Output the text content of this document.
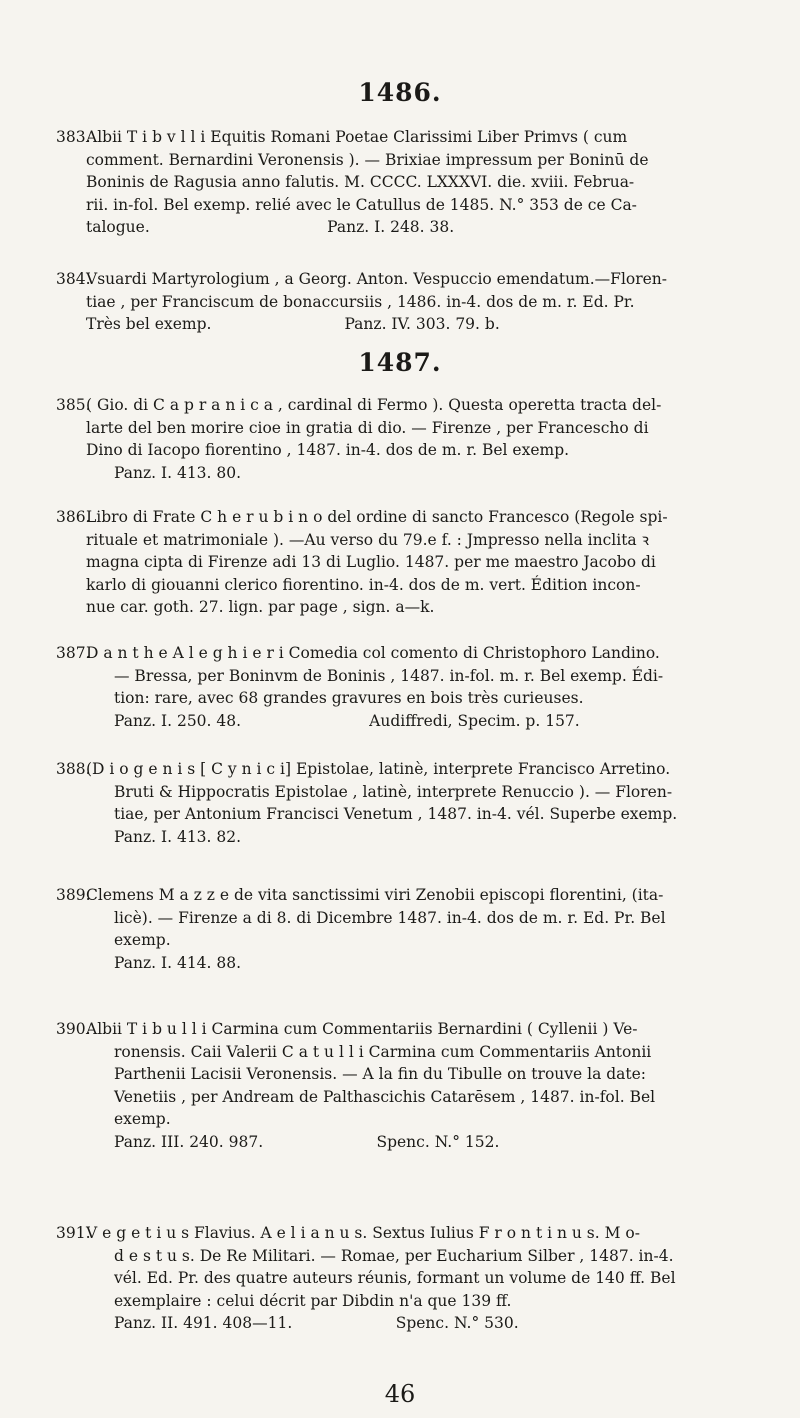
1486.
383.
Albii T i b v l l i Equitis Romani Poetae Clarissimi Liber Primvs ( cum
comment. Bernardini Veronensis ). — Brixiae impressum per Boninū de
Boninis de Ragusia anno falutis. M. CCCC. LXXXVI. die. xviii. Februa-
rii. in-fol. Bel exemp. relié avec le Catullus de 1485. N.° 353 de ce Ca-
talogue.                                    Panz. I. 248. 38.
384.
Vsuardi Martyrologium , a Georg. Anton. Vespuccio emendatum.—Floren-
tiae , per Franciscum de bonaccursiis , 1486. in-4. dos de m. r. Ed. Pr.
Très bel exemp.                           Panz. IV. 303. 79. b.
1487.
385.
( Gio. di C a p r a n i c a , cardinal di Fermo ). Questa operetta tracta del-
larte del ben morire cioe in gratia di dio. — Firenze , per Francescho di
Dino di Iacopo fiorentino , 1487. in-4. dos de m. r. Bel exemp.
Panz. I. 413. 80.
386.
Libro di Frate C h e r u b i n o del ordine di sancto Francesco (Regole spi-
rituale et matrimoniale ). —Au verso du 79.e f. : Jmpresso nella inclita ꝛ
magna cipta di Firenze adi 13 di Luglio. 1487. per me maestro Jacobo di
karlo di giouanni clerico fiorentino. in-4. dos de m. vert. Édition incon-
nue car. goth. 27. lign. par page , sign. a—k.
387.
D a n t h e A l e g h i e r i Comedia col comento di Christophoro Landino.
— Bressa, per Boninvm de Boninis , 1487. in-fol. m. r. Bel exemp. Édi-
tion: rare, avec 68 grandes gravures en bois très curieuses.
Panz. I. 250. 48.                          Audiffredi, Specim. p. 157.
388.
(D i o g e n i s [ C y n i c i] Epistolae, latinè, interprete Francisco Arretino.
Bruti & Hippocratis Epistolae , latinè, interprete Renuccio ). — Floren-
tiae, per Antonium Francisci Venetum , 1487. in-4. vél. Superbe exemp.
Panz. I. 413. 82.
389.
Clemens M a z z e de vita sanctissimi viri Zenobii episcopi florentini, (ita-
licè). — Firenze a di 8. di Dicembre 1487. in-4. dos de m. r. Ed. Pr. Bel
exemp.
Panz. I. 414. 88.
390.
Albii T i b u l l i Carmina cum Commentariis Bernardini ( Cyllenii ) Ve-
ronensis. Caii Valerii C a t u l l i Carmina cum Commentariis Antonii
Parthenii Lacisii Veronensis. — A la fin du Tibulle on trouve la date:
Venetiis , per Andream de Palthascichis Catarēsem , 1487. in-fol. Bel
exemp.
Panz. III. 240. 987.                       Spenc. N.° 152.
391.
V e g e t i u s Flavius. A e l i a n u s. Sextus Iulius F r o n t i n u s. M o-
d e s t u s. De Re Militari. — Romae, per Eucharium Silber , 1487. in-4.
vél. Ed. Pr. des quatre auteurs réunis, formant un volume de 140 ff. Bel
exemplaire : celui décrit par Dibdin n'a que 139 ff.
Panz. II. 491. 408—11.                     Spenc. N.° 530.
46
